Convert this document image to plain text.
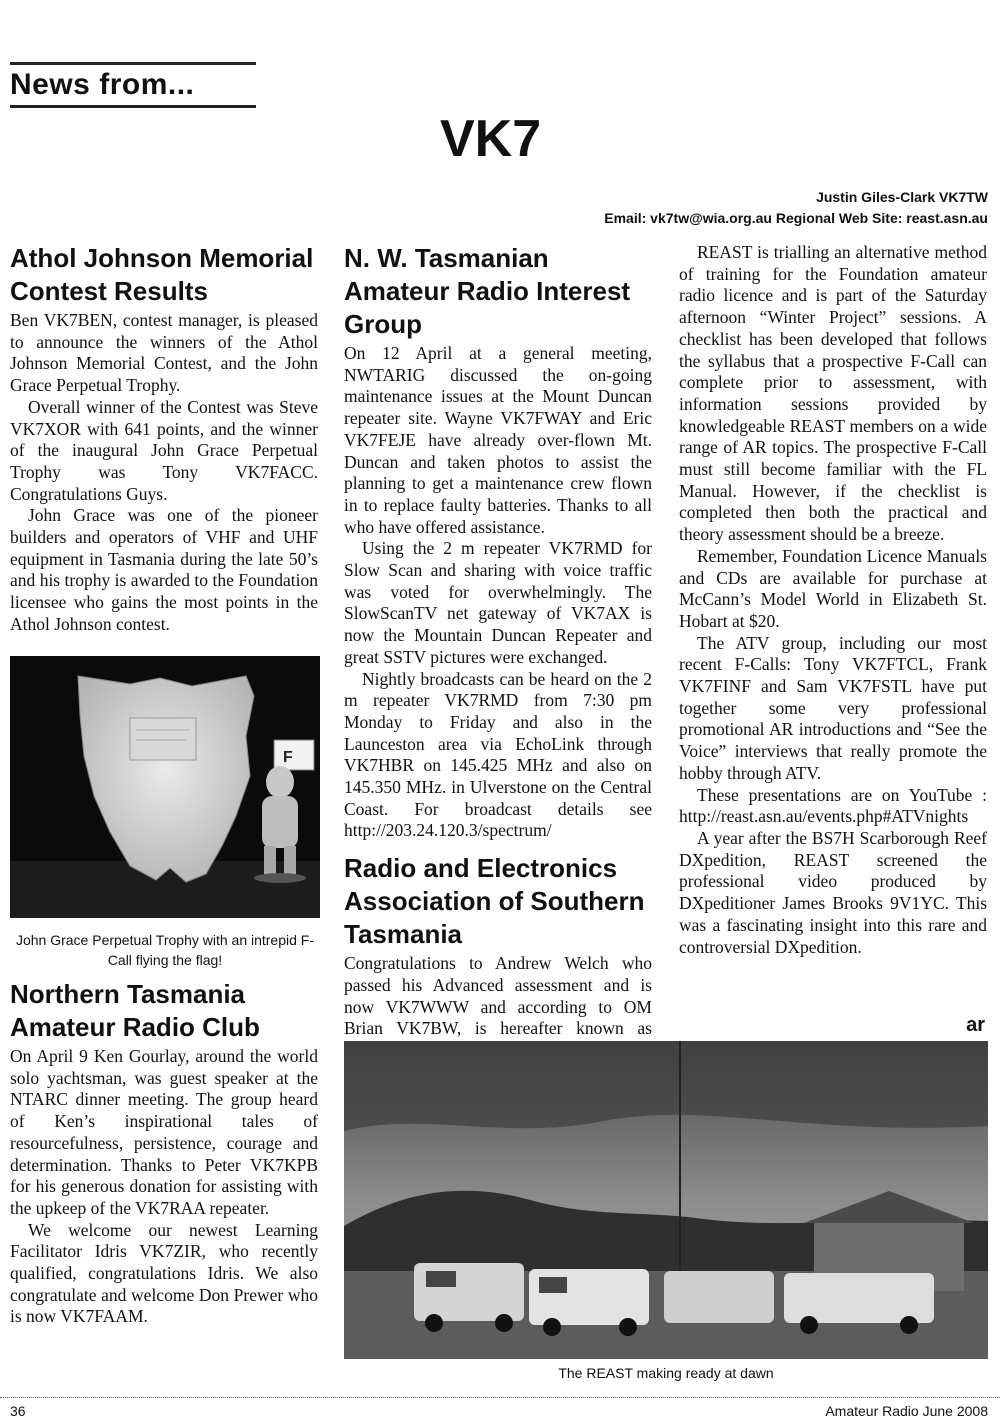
News from...
VK7
Justin Giles-Clark VK7TW
Email: vk7tw@wia.org.au Regional Web Site: reast.asn.au
Athol Johnson Memorial Contest Results

Ben VK7BEN, contest manager, is pleased to announce the winners of the Athol Johnson Memorial Contest, and the John Grace Perpetual Trophy.

Overall winner of the Contest was Steve VK7XOR with 641 points, and the winner of the inaugural John Grace Perpetual Trophy was Tony VK7FACC. Congratulations Guys.

John Grace was one of the pioneer builders and operators of VHF and UHF equipment in Tasmania during the late 50’s and his trophy is awarded to the Foundation licensee who gains the most points in the Athol Johnson contest.

F
John Grace Perpetual Trophy with an intrepid F-Call flying the flag!
Northern Tasmania Amateur Radio Club

On April 9 Ken Gourlay, around the world solo yachtsman, was guest speaker at the NTARC dinner meeting. The group heard of Ken’s inspirational tales of resourcefulness, persistence, courage and determination. Thanks to Peter VK7KPB for his generous donation for assisting with the upkeep of the VK7RAA repeater.

We welcome our newest Learning Facilitator Idris VK7ZIR, who recently qualified, congratulations Idris. We also congratulate and welcome Don Prewer who is now VK7FAAM.

N. W. Tasmanian Amateur Radio Interest Group

On 12 April at a general meeting, NWTARIG discussed the on-going maintenance issues at the Mount Duncan repeater site. Wayne VK7FWAY and Eric VK7FEJE have already over-flown Mt. Duncan and taken photos to assist the planning to get a maintenance crew flown in to replace faulty batteries. Thanks to all who have offered assistance.

Using the 2 m repeater VK7RMD for Slow Scan and sharing with voice traffic was voted for overwhelmingly. The SlowScanTV net gateway of VK7AX is now the Mountain Duncan Repeater and great SSTV pictures were exchanged.

Nightly broadcasts can be heard on the 2 m repeater VK7RMD from 7:30 pm Monday to Friday and also in the Launceston area via EchoLink through VK7HBR on 145.425 MHz and also on 145.350 MHz. in Ulverstone on the Central Coast. For broadcast details see http://203.24.120.3/spectrum/

Radio and Electronics Association of Southern Tasmania

Congratulations to Andrew Welch who passed his Advanced assessment and is now VK7WWW and according to OM Brian VK7BW, is hereafter known as

REAST is trialling an alternative method of training for the Foundation amateur radio licence and is part of the Saturday afternoon “Winter Project” sessions. A checklist has been developed that follows the syllabus that a prospective F-Call can complete prior to assessment, with information sessions provided by knowledgeable REAST members on a wide range of AR topics. The prospective F-Call must still become familiar with the FL Manual. However, if the checklist is completed then both the practical and theory assessment should be a breeze.

Remember, Foundation Licence Manuals and CDs are available for purchase at McCann’s Model World in Elizabeth St. Hobart at $20.

The ATV group, including our most recent F-Calls: Tony VK7FTCL, Frank VK7FINF and Sam VK7FSTL have put together some very professional promotional AR introductions and “See the Voice” interviews that really promote the hobby through ATV.

These presentations are on YouTube : http://reast.asn.au/events.php#ATVnights

A year after the BS7H Scarborough Reef DXpedition, REAST screened the professional video produced by DXpeditioner James Brooks 9V1YC. This was a fascinating insight into this rare and controversial DXpedition.

ar
The REAST making ready at dawn
36	Amateur Radio June 2008
